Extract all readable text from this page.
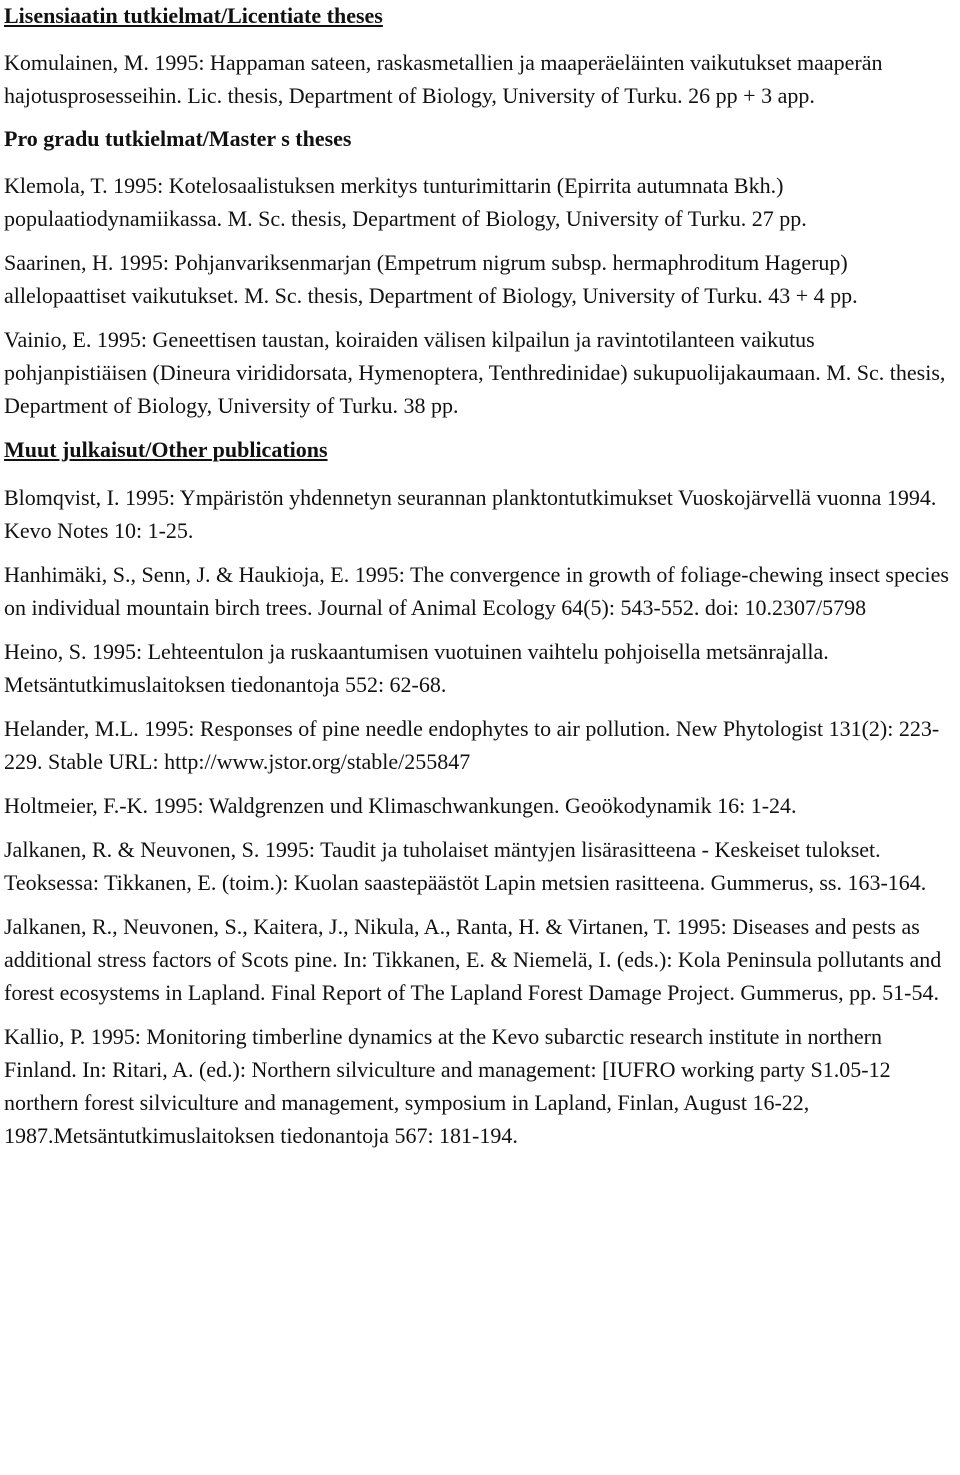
Lisensiaatin tutkielmat/Licentiate theses

Komulainen, M. 1995: Happaman sateen, raskasmetallien ja maaperäeläinten vaikutukset maaperän hajotusprosesseihin. Lic. thesis, Department of Biology, University of Turku. 26 pp + 3 app.

Pro gradu tutkielmat/Master s theses

Klemola, T. 1995: Kotelosaalistuksen merkitys tunturimittarin (Epirrita autumnata Bkh.) populaatiodynamiikassa. M. Sc. thesis, Department of Biology, University of Turku. 27 pp.

Saarinen, H. 1995: Pohjanvariksenmarjan (Empetrum nigrum subsp. hermaphroditum Hagerup) allelopaattiset vaikutukset. M. Sc. thesis, Department of Biology, University of Turku. 43 + 4 pp.

Vainio, E. 1995: Geneettisen taustan, koiraiden välisen kilpailun ja ravintotilanteen vaikutus pohjanpistiäisen (Dineura virididorsata, Hymenoptera, Tenthredinidae) sukupuolijakaumaan. M. Sc. thesis, Department of Biology, University of Turku. 38 pp.

Muut julkaisut/Other publications

Blomqvist, I. 1995: Ympäristön yhdennetyn seurannan planktontutkimukset Vuoskojärvellä vuonna 1994. Kevo Notes 10: 1-25.

Hanhimäki, S., Senn, J. & Haukioja, E. 1995: The convergence in growth of foliage-chewing insect species on individual mountain birch trees. Journal of Animal Ecology 64(5): 543-552. doi: 10.2307/5798

Heino, S. 1995: Lehteentulon ja ruskaantumisen vuotuinen vaihtelu pohjoisella metsänrajalla. Metsäntutkimuslaitoksen tiedonantoja 552: 62-68.

Helander, M.L. 1995: Responses of pine needle endophytes to air pollution. New Phytologist 131(2): 223-229. Stable URL: http://www.jstor.org/stable/255847

Holtmeier, F.-K. 1995: Waldgrenzen und Klimaschwankungen. Geoökodynamik 16: 1-24.

Jalkanen, R. & Neuvonen, S. 1995: Taudit ja tuholaiset mäntyjen lisärasitteena - Keskeiset tulokset. Teoksessa: Tikkanen, E. (toim.): Kuolan saastepäästöt Lapin metsien rasitteena. Gummerus, ss. 163-164.

Jalkanen, R., Neuvonen, S., Kaitera, J., Nikula, A., Ranta, H. & Virtanen, T. 1995: Diseases and pests as additional stress factors of Scots pine. In: Tikkanen, E. & Niemelä, I. (eds.): Kola Peninsula pollutants and forest ecosystems in Lapland. Final Report of The Lapland Forest Damage Project. Gummerus, pp. 51-54.

Kallio, P. 1995: Monitoring timberline dynamics at the Kevo subarctic research institute in northern Finland. In: Ritari, A. (ed.): Northern silviculture and management: [IUFRO working party S1.05-12 northern forest silviculture and management, symposium in Lapland, Finlan, August 16-22, 1987.Metsäntutkimuslaitoksen tiedonantoja 567: 181-194.
